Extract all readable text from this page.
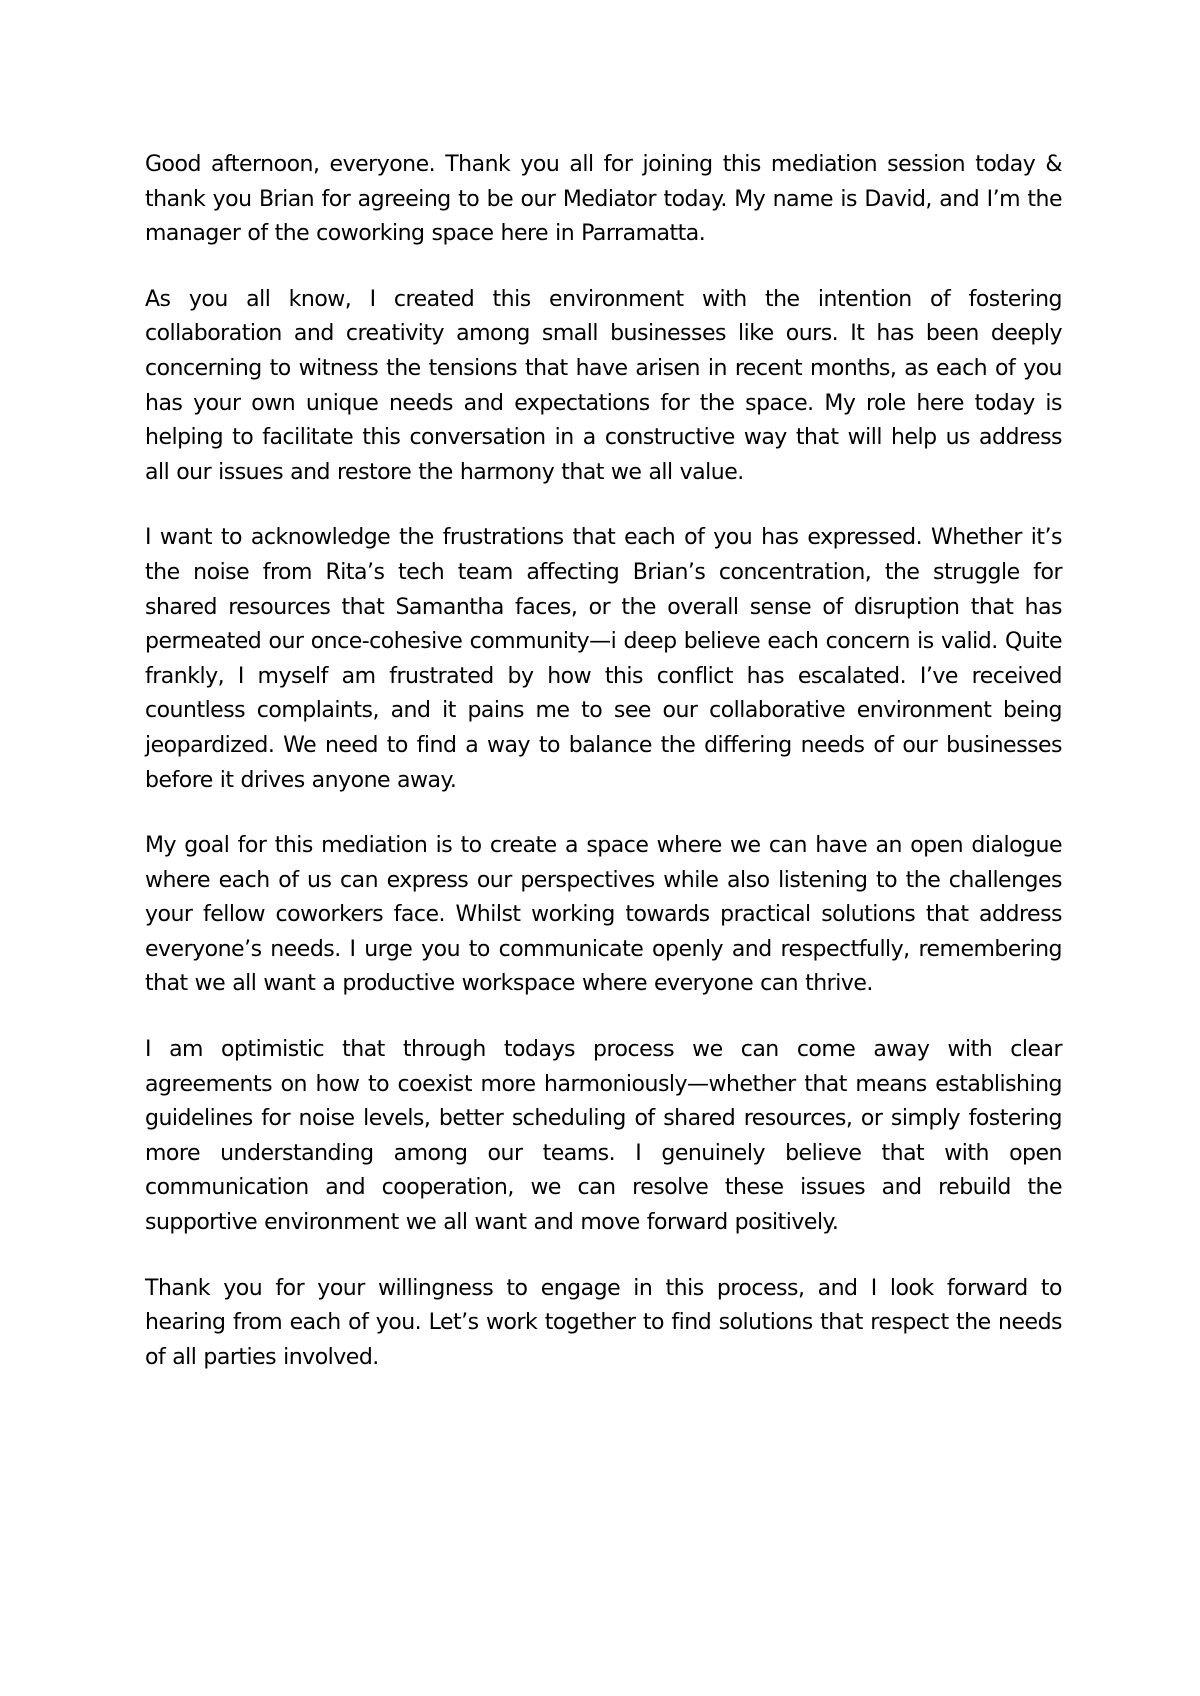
Good afternoon, everyone. Thank you all for joining this mediation session today & thank you Brian for agreeing to be our Mediator today. My name is David, and I’m the manager of the coworking space here in Parramatta.

As you all know, I created this environment with the intention of fostering collaboration and creativity among small businesses like ours. It has been deeply concerning to witness the tensions that have arisen in recent months, as each of you has your own unique needs and expectations for the space. My role here today is helping to facilitate this conversation in a constructive way that will help us address all our issues and restore the harmony that we all value.

I want to acknowledge the frustrations that each of you has expressed. Whether it’s the noise from Rita’s tech team affecting Brian’s concentration, the struggle for shared resources that Samantha faces, or the overall sense of disruption that has permeated our once-cohesive community—i deep believe each concern is valid. Quite frankly, I myself am frustrated by how this conflict has escalated. I’ve received countless complaints, and it pains me to see our collaborative environment being jeopardized. We need to find a way to balance the differing needs of our businesses before it drives anyone away.

My goal for this mediation is to create a space where we can have an open dialogue where each of us can express our perspectives while also listening to the challenges your fellow coworkers face. Whilst working towards practical solutions that address everyone’s needs. I urge you to communicate openly and respectfully, remembering that we all want a productive workspace where everyone can thrive.

I am optimistic that through todays process we can come away with clear agreements on how to coexist more harmoniously—whether that means establishing guidelines for noise levels, better scheduling of shared resources, or simply fostering more understanding among our teams. I genuinely believe that with open communication and cooperation, we can resolve these issues and rebuild the supportive environment we all want and move forward positively.

Thank you for your willingness to engage in this process, and I look forward to hearing from each of you. Let’s work together to find solutions that respect the needs of all parties involved.
